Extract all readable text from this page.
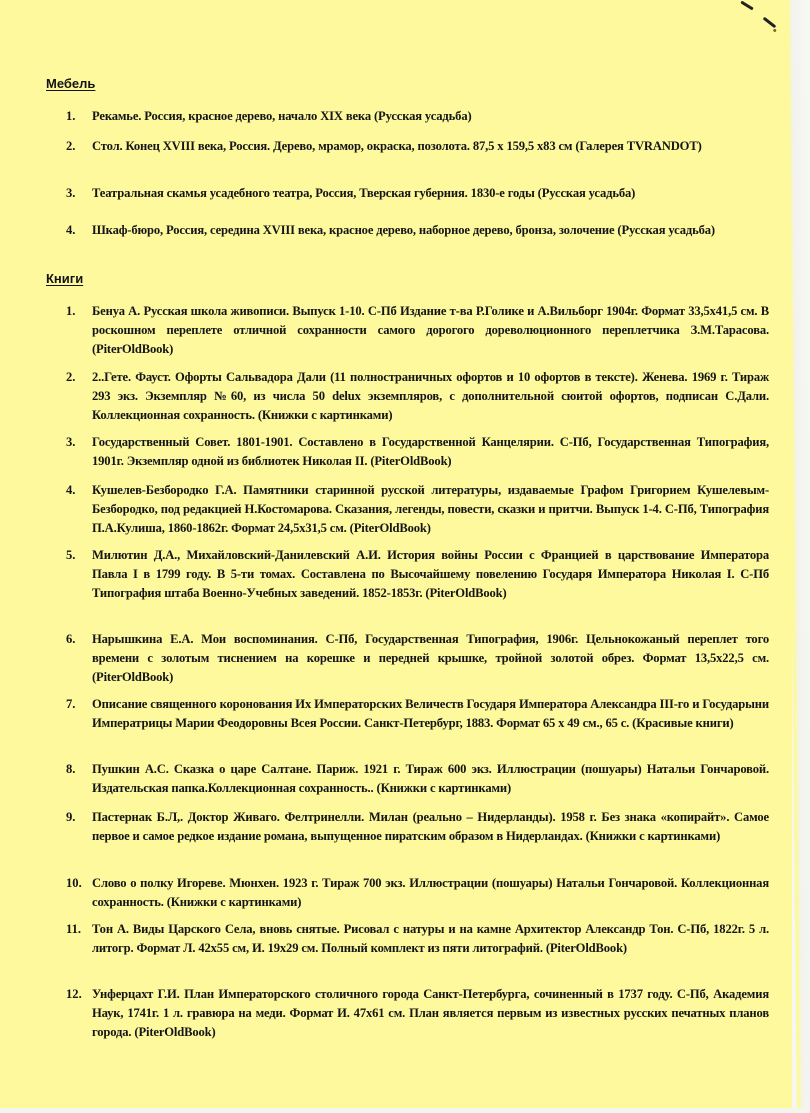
Мебель
1. Рекамье. Россия, красное дерево, начало XIX века (Русская усадьба)
2. Стол. Конец XVIII века, Россия. Дерево, мрамор, окраска, позолота. 87,5 х 159,5 х83 см (Галерея TVRANDOT)
3. Театральная скамья усадебного театра, Россия, Тверская губерния. 1830-е годы (Русская усадьба)
4. Шкаф-бюро, Россия, середина XVIII века, красное дерево, наборное дерево, бронза, золочение (Русская усадьба)
Книги
1. Бенуа А. Русская школа живописи. Выпуск 1-10. С-Пб Издание т-ва Р.Голике и А.Вильборг 1904г. Формат 33,5х41,5 см. В роскошном переплете отличной сохранности самого дорогого дореволюционного переплетчика З.М.Тарасова. (PiterOldBook)
2. 2..Гете. Фауст. Офорты Сальвадора Дали (11 полностраничных офортов и 10 офортов в тексте). Женева. 1969 г. Тираж 293 экз. Экземпляр №60, из числа 50 delux экземпляров, с дополнительной сюитой офортов, подписан С.Дали. Коллекционная сохранность. (Книжки с картинками)
3. Государственный Совет. 1801-1901. Составлено в Государственной Канцелярии. С-Пб, Государственная Типография, 1901г. Экземпляр одной из библиотек Николая II. (PiterOldBook)
4. Кушелев-Безбородко Г.А. Памятники старинной русской литературы, издаваемые Графом Григорием Кушелевым-Безбородко, под редакцией Н.Костомарова. Сказания, легенды, повести, сказки и притчи. Выпуск 1-4. С-Пб, Типография П.А.Кулиша, 1860-1862г. Формат 24,5х31,5 см. (PiterOldBook)
5. Милютин Д.А., Михайловский-Данилевский А.И. История войны России с Францией в царствование Императора Павла I в 1799 году. В 5-ти томах. Составлена по Высочайшему повелению Государя Императора Николая I. С-Пб Типография штаба Военно-Учебных заведений. 1852-1853г. (PiterOldBook)
6. Нарышкина Е.А. Мои воспоминания. С-Пб, Государственная Типография, 1906г. Цельнокожаный переплет того времени с золотым тиснением на корешке и передней крышке, тройной золотой обрез. Формат 13,5х22,5 см. (PiterOldBook)
7. Описание священного коронования Их Императорских Величеств Государя Императора Александра III-го и Государыни Императрицы Марии Феодоровны Всея России. Санкт-Петербург, 1883. Формат 65 х 49 см., 65 с. (Красивые книги)
8. Пушкин А.С. Сказка о царе Салтане. Париж. 1921 г. Тираж 600 экз. Иллюстрации (пошуары) Натальи Гончаровой. Издательская папка.Коллекционная сохранность.. (Книжки с картинками)
9. Пастернак Б.Л,. Доктор Живаго. Фелтринелли. Милан (реально – Нидерланды). 1958 г. Без знака «копирайт». Самое первое и самое редкое издание романа, выпущенное пиратским образом в Нидерландах. (Книжки с картинками)
10. Слово о полку Игореве. Мюнхен. 1923 г. Тираж 700 экз. Иллюстрации (пошуары) Натальи Гончаровой. Коллекционная сохранность. (Книжки с картинками)
11. Тон А. Виды Царского Села, вновь снятые. Рисовал с натуры и на камне Архитектор Александр Тон. С-Пб, 1822г. 5 л. литогр. Формат Л. 42х55 см, И. 19х29 см. Полный комплект из пяти литографий. (PiterOldBook)
12. Унферцахт Г.И. План Императорского столичного города Санкт-Петербурга, сочиненный в 1737 году. С-Пб, Академия Наук, 1741г. 1 л. гравюра на меди. Формат И. 47х61 см. План является первым из известных русских печатных планов города. (PiterOldBook)
